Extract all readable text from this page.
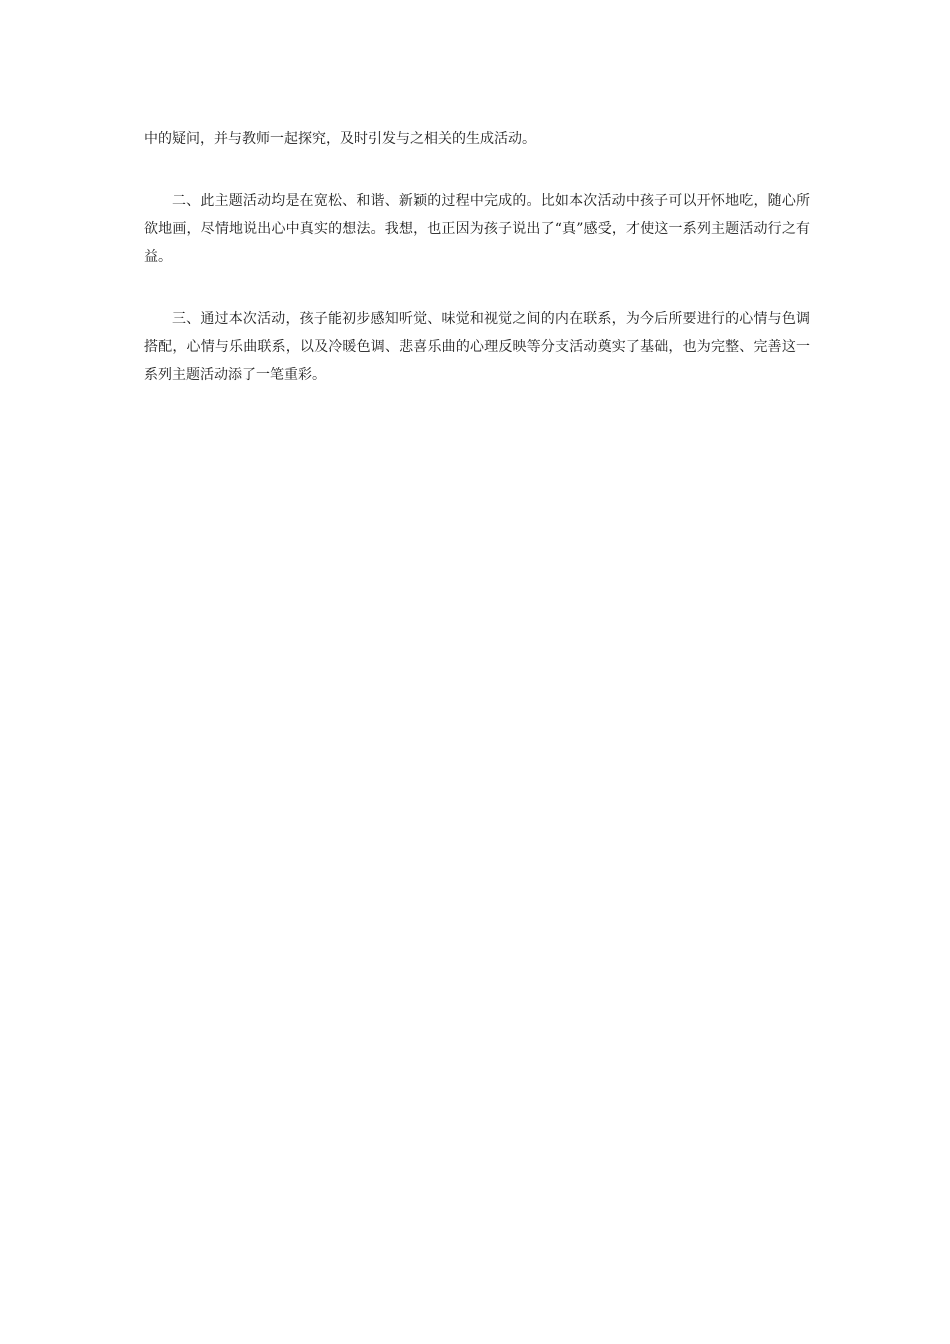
中的疑问，并与教师一起探究，及时引发与之相关的生成活动。

二、此主题活动均是在宽松、和谐、新颖的过程中完成的。比如本次活动中孩子可以开怀地吃，随心所欲地画，尽情地说出心中真实的想法。我想，也正因为孩子说出了“真”感受，才使这一系列主题活动行之有益。

三、通过本次活动，孩子能初步感知听觉、味觉和视觉之间的内在联系，为今后所要进行的心情与色调搭配，心情与乐曲联系，以及冷暖色调、悲喜乐曲的心理反映等分支活动奠实了基础，也为完整、完善这一系列主题活动添了一笔重彩。
